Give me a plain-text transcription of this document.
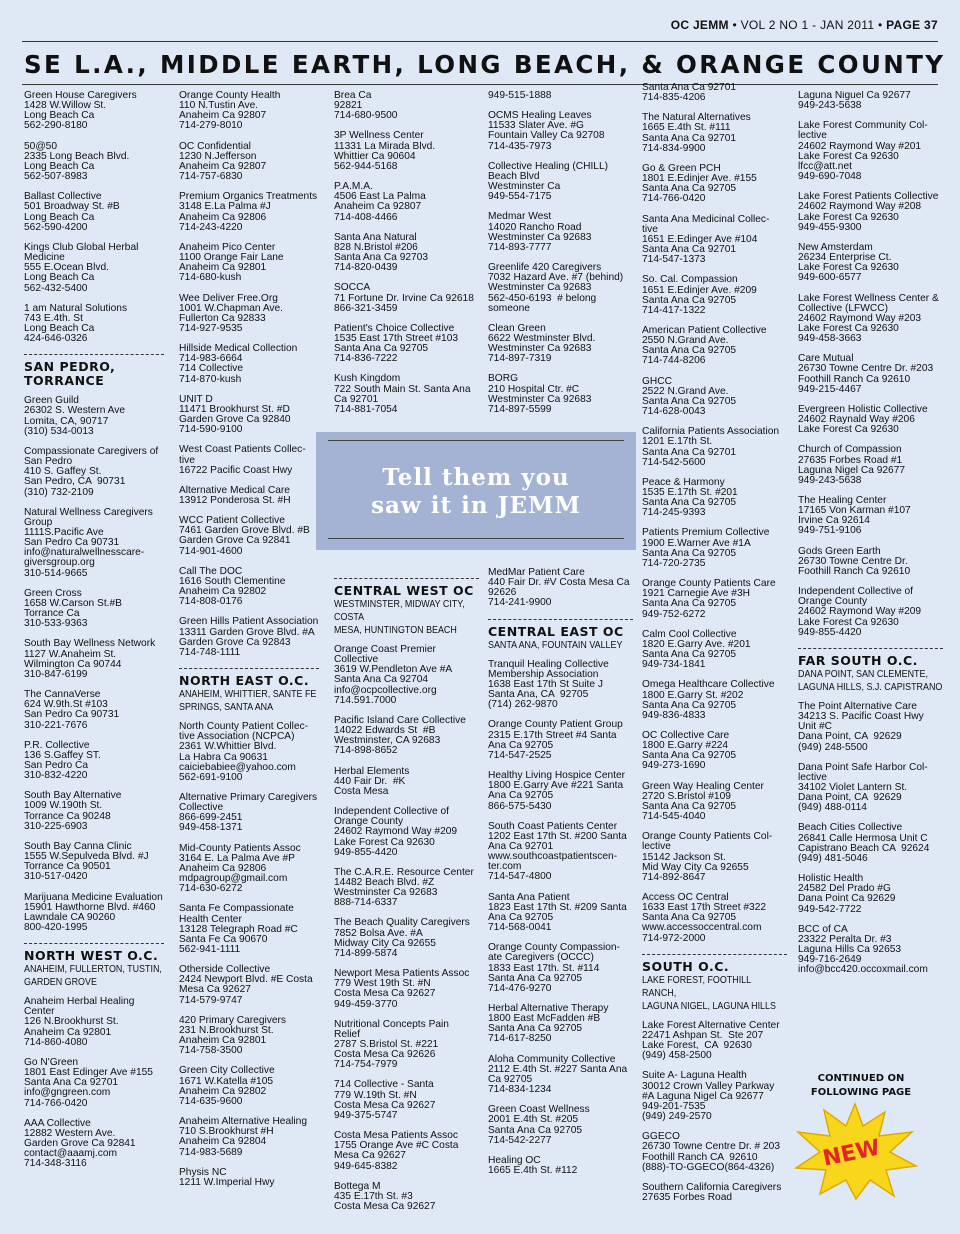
OC JEMM • VOL 2 NO 1 - JAN 2011 • PAGE 37
SE L.A., MIDDLE EARTH, LONG BEACH, & ORANGE COUNTY
Green House Caregivers
1428 W.Willow St.
Long Beach Ca
562-290-8180
50@50
2335 Long Beach Blvd.
Long Beach Ca
562-507-8983
Ballast Collective
501 Broadway St. #B
Long Beach Ca
562-590-4200
Kings Club Global Herbal
Medicine
555 E.Ocean Blvd.
Long Beach Ca
562-432-5400
1 am Natural Solutions
743 E.4th. St
Long Beach Ca
424-646-0326
SAN PEDRO,
TORRANCE
Green Guild
26302 S. Western Ave
Lomita, CA, 90717
(310) 534-0013
Compassionate Caregivers of
San Pedro
410 S. Gaffey St.
San Pedro, CA  90731
(310) 732-2109
Natural Wellness Caregivers
Group
1111S.Pacific Ave
San Pedro Ca 90731
info@naturalwellnesscare-
giversgroup.org
310-514-9665
Green Cross
1658 W.Carson St.#B
Torrance Ca
310-533-9363
South Bay Wellness Network
1127 W.Anaheim St.
Wilmington Ca 90744
310-847-6199
The CannaVerse
624 W.9th.St #103
San Pedro Ca 90731
310-221-7676
P.R. Collective
136 S.Gaffey ST.
San Pedro Ca
310-832-4220
South Bay Alternative
1009 W.190th St.
Torrance Ca 90248
310-225-6903
South Bay Canna Clinic
1555 W.Sepulveda Blvd. #J
Torrance Ca 90501
310-517-0420
Marijuana Medicine Evaluation
15901 Hawthorne Blvd. #460
Lawndale CA 90260
800-420-1995
NORTH WEST O.C.
ANAHEIM, FULLERTON, TUSTIN,
GARDEN GROVE
Anaheim Herbal Healing
Center
126 N.Brookhurst St.
Anaheim Ca 92801
714-860-4080
Go N'Green
1801 East Edinger Ave #155
Santa Ana Ca 92701
info@gngreen.com
714-766-0420
AAA Collective
12882 Western Ave.
Garden Grove Ca 92841
contact@aaamj.com
714-348-3116
Orange County Health
110 N.Tustin Ave.
Anaheim Ca 92807
714-279-8010
OC Confidential
1230 N.Jefferson
Anaheim Ca 92807
714-757-6830
Premium Organics Treatments
3148 E.La Palma #J
Anaheim Ca 92806
714-243-4220
Anaheim Pico Center
1100 Orange Fair Lane
Anaheim Ca 92801
714-680-kush
Wee Deliver Free.Org
1001 W.Chapman Ave.
Fullerton Ca 92833
714-927-9535
Hillside Medical Collection
714-983-6664
714 Collective
714-870-kush
UNIT D
11471 Brookhurst St. #D
Garden Grove Ca 92840
714-590-9100
West Coast Patients Collec-
tive
16722 Pacific Coast Hwy
Alternative Medical Care
13912 Ponderosa St. #H
WCC Patient Collective
7461 Garden Grove Blvd. #B
Garden Grove Ca 92841
714-901-4600
Call The DOC
1616 South Clementine
Anaheim Ca 92802
714-808-0176
Green Hills Patient Association
13311 Garden Grove Blvd. #A
Garden Grove Ca 92843
714-748-1111
NORTH EAST O.C.
ANAHEIM, WHITTIER, SANTE FE
SPRINGS, SANTA ANA
North County Patient Collec-
tive Association (NCPCA)
2361 W.Whittier Blvd.
La Habra Ca 90631
caiciebabiee@yahoo.com
562-691-9100
Alternative Primary Caregivers
Collective
866-699-2451
949-458-1371
Mid-County Patients Assoc
3164 E. La Palma Ave #P
Anaheim Ca 92806
mdpagroup@gmail.com
714-630-6272
Santa Fe Compassionate
Health Center
13128 Telegraph Road #C
Santa Fe Ca 90670
562-941-1111
Otherside Collective
2424 Newport Blvd. #E Costa
Mesa Ca 92627
714-579-9747
420 Primary Caregivers
231 N.Brookhurst St.
Anaheim Ca 92801
714-758-3500
Green City Collective
1671 W.Katella #105
Anaheim Ca 92802
714-635-9600
Anaheim Alternative Healing
710 S.Brookhurst #H
Anaheim Ca 92804
714-983-5689
Physis NC
1211 W.Imperial Hwy
Brea Ca
92821
714-680-9500
3P Wellness Center
11331 La Mirada Blvd.
Whittier Ca 90604
562-944-5168
P.A.M.A.
4506 East La Palma
Anaheim Ca 92807
714-408-4466
Santa Ana Natural
828 N.Bristol #206
Santa Ana Ca 92703
714-820-0439
SOCCA
71 Fortune Dr. Irvine Ca 92618
866-321-3459
Patient's Choice Collective
1535 East 17th Street #103
Santa Ana Ca 92705
714-836-7222
Kush Kingdom
722 South Main St. Santa Ana
Ca 92701
714-881-7054
CENTRAL WEST OC
WESTMINSTER, MIDWAY CITY, COSTA
MESA, HUNTINGTON BEACH
Orange Coast Premier
Collective
3619 W.Pendleton Ave #A
Santa Ana Ca 92704
info@ocpcollective.org
714.591.7000
Pacific Island Care Collective
14022 Edwards St  #B
Westminster, CA 92683
714-898-8652
Herbal Elements
440 Fair Dr.  #K
Costa Mesa
Independent Collective of
Orange County
24602 Raymond Way #209
Lake Forest Ca 92630
949-855-4420
The C.A.R.E. Resource Center
14482 Beach Blvd. #Z
Westminster Ca 92683
888-714-6337
The Beach Quality Caregivers
7852 Bolsa Ave. #A
Midway City Ca 92655
714-899-5874
Newport Mesa Patients Assoc
779 West 19th St. #N
Costa Mesa Ca 92627
949-459-3770
Nutritional Concepts Pain
Relief
2787 S.Bristol St. #221
Costa Mesa Ca 92626
714-754-7979
714 Collective - Santa
779 W.19th St. #N
Costa Mesa Ca 92627
949-375-5747
Costa Mesa Patients Assoc
1755 Orange Ave #C Costa
Mesa Ca 92627
949-645-8382
Bottega M
435 E.17th St. #3
Costa Mesa Ca 92627
949-515-1888
OCMS Healing Leaves
11533 Slater Ave. #G
Fountain Valley Ca 92708
714-435-7973
Collective Healing (CHILL)
Beach Blvd
Westminster Ca
949-554-7175
Medmar West
14020 Rancho Road
Westminster Ca 92683
714-893-7777
Greenlife 420 Caregivers
7032 Hazard Ave. #7 (behind)
Westminster Ca 92683
562-450-6193  # belong
someone
Clean Green
6622 Westminster Blvd.
Westminster Ca 92683
714-897-7319
BORG
210 Hospital Ctr. #C
Westminster Ca 92683
714-897-5599
MedMar Patient Care
440 Fair Dr. #V Costa Mesa Ca
92626
714-241-9900
CENTRAL EAST OC
SANTA ANA, FOUNTAIN VALLEY
Tranquil Healing Collective
Membership Association
1638 East 17th St Suite J
Santa Ana, CA  92705
(714) 262-9870
Orange County Patient Group
2315 E.17th Street #4 Santa
Ana Ca 92705
714-547-2525
Healthy Living Hospice Center
1800 E.Garry Ave #221 Santa
Ana Ca 92705
866-575-5430
South Coast Patients Center
1202 East 17th St. #200 Santa
Ana Ca 92701
www.southcoastpatientscen-
ter.com
714-547-4800
Santa Ana Patient
1823 East 17th St. #209 Santa
Ana Ca 92705
714-568-0041
Orange County Compassion-
ate Caregivers (OCCC)
1833 East 17th. St. #114
Santa Ana Ca 92705
714-476-9270
Herbal Alternative Therapy
1800 East McFadden #B
Santa Ana Ca 92705
714-617-8250
Aloha Community Collective
2112 E.4th St. #227 Santa Ana
Ca 92705
714-834-1234
Green Coast Wellness
2001 E.4th St. #205
Santa Ana Ca 92705
714-542-2277
Healing OC
1665 E.4th St. #112
Santa Ana Ca 92701
714-835-4206
The Natural Alternatives
1665 E.4th St. #111
Santa Ana Ca 92701
714-834-9900
Go & Green PCH
1801 E.Edinjer Ave. #155
Santa Ana Ca 92705
714-766-0420
Santa Ana Medicinal Collec-
tive
1651 E.Edinger Ave #104
Santa Ana Ca 92701
714-547-1373
So. Cal. Compassion
1651 E.Edinjer Ave. #209
Santa Ana Ca 92705
714-417-1322
American Patient Collective
2550 N.Grand Ave.
Santa Ana Ca 92705
714-744-8206
GHCC
2522 N.Grand Ave.
Santa Ana Ca 92705
714-628-0043
California Patients Association
1201 E.17th St.
Santa Ana Ca 92701
714-542-5600
Peace & Harmony
1535 E.17th St. #201
Santa Ana Ca 92705
714-245-9393
Patients Premium Collective
1900 E.Warner Ave #1A
Santa Ana Ca 92705
714-720-2735
Orange County Patients Care
1921 Carnegie Ave #3H
Santa Ana Ca 92705
949-752-6272
Calm Cool Collective
1820 E.Garry Ave. #201
Santa Ana Ca 92705
949-734-1841
Omega Healthcare Collective
1800 E.Garry St. #202
Santa Ana Ca 92705
949-836-4833
OC Collective Care
1800 E.Garry #224
Santa Ana Ca 92705
949-273-1690
Green Way Healing Center
2720 S.Bristol #109
Santa Ana Ca 92705
714-545-4040
Orange County Patients Col-
lective
15142 Jackson St.
Mid Way City Ca 92655
714-892-8647
Access OC Central
1633 East 17th Street #322
Santa Ana Ca 92705
www.accessoccentral.com
714-972-2000
SOUTH O.C.
LAKE FOREST, FOOTHILL RANCH,
LAGUNA NIGEL, LAGUNA HILLS
Lake Forest Alternative Center
22471 Ashpan St.  Ste 207
Lake Forest,  CA  92630
(949) 458-2500
Suite A- Laguna Health
30012 Crown Valley Parkway
#A Laguna Nigel Ca 92677
949-201-7535
(949) 249-2570
GGECO
26730 Towne Centre Dr. # 203
Foothill Ranch CA  92610
(888)-TO-GGECO(864-4326)
Southern California Caregivers
27635 Forbes Road
Laguna Niguel Ca 92677
949-243-5638
Lake Forest Community Col-
lective
24602 Raymond Way #201
Lake Forest Ca 92630
lfcc@att.net
949-690-7048
Lake Forest Patients Collective
24602 Raymond Way #208
Lake Forest Ca 92630
949-455-9300
New Amsterdam
26234 Enterprise Ct.
Lake Forest Ca 92630
949-600-6577
Lake Forest Wellness Center &
Collective (LFWCC)
24602 Raymond Way #203
Lake Forest Ca 92630
949-458-3663
Care Mutual
26730 Towne Centre Dr. #203
Foothill Ranch Ca 92610
949-215-4467
Evergreen Holistic Collective
24602 Raynald Way #206
Lake Forest Ca 92630
Church of Compassion
27635 Forbes Road #1
Laguna Nigel Ca 92677
949-243-5638
The Healing Center
17165 Von Karman #107
Irvine Ca 92614
949-751-9106
Gods Green Earth
26730 Towne Centre Dr.
Foothill Ranch Ca 92610
Independent Collective of
Orange County
24602 Raymond Way #209
Lake Forest Ca 92630
949-855-4420
FAR SOUTH O.C.
DANA POINT, SAN CLEMENTE,
LAGUNA HILLS, S.J. CAPISTRANO
The Point Alternative Care
34213 S. Pacific Coast Hwy
Unit #C
Dana Point, CA  92629
(949) 248-5500
Dana Point Safe Harbor Col-
lective
34102 Violet Lantern St.
Dana Point, CA  92629
(949) 488-0114
Beach Cities Collective
26841 Calle Hermosa Unit C
Capistrano Beach CA  92624
(949) 481-5046
Holistic Health
24582 Del Prado #G
Dana Point Ca 92629
949-542-7722
BCC of CA
23322 Peralta Dr. #3
Laguna Hills Ca 92653
949-716-2649
info@bcc420.occoxmail.com
Tell them you
saw it in JEMM
CONTINUED ON FOLLOWING PAGE
NEW
